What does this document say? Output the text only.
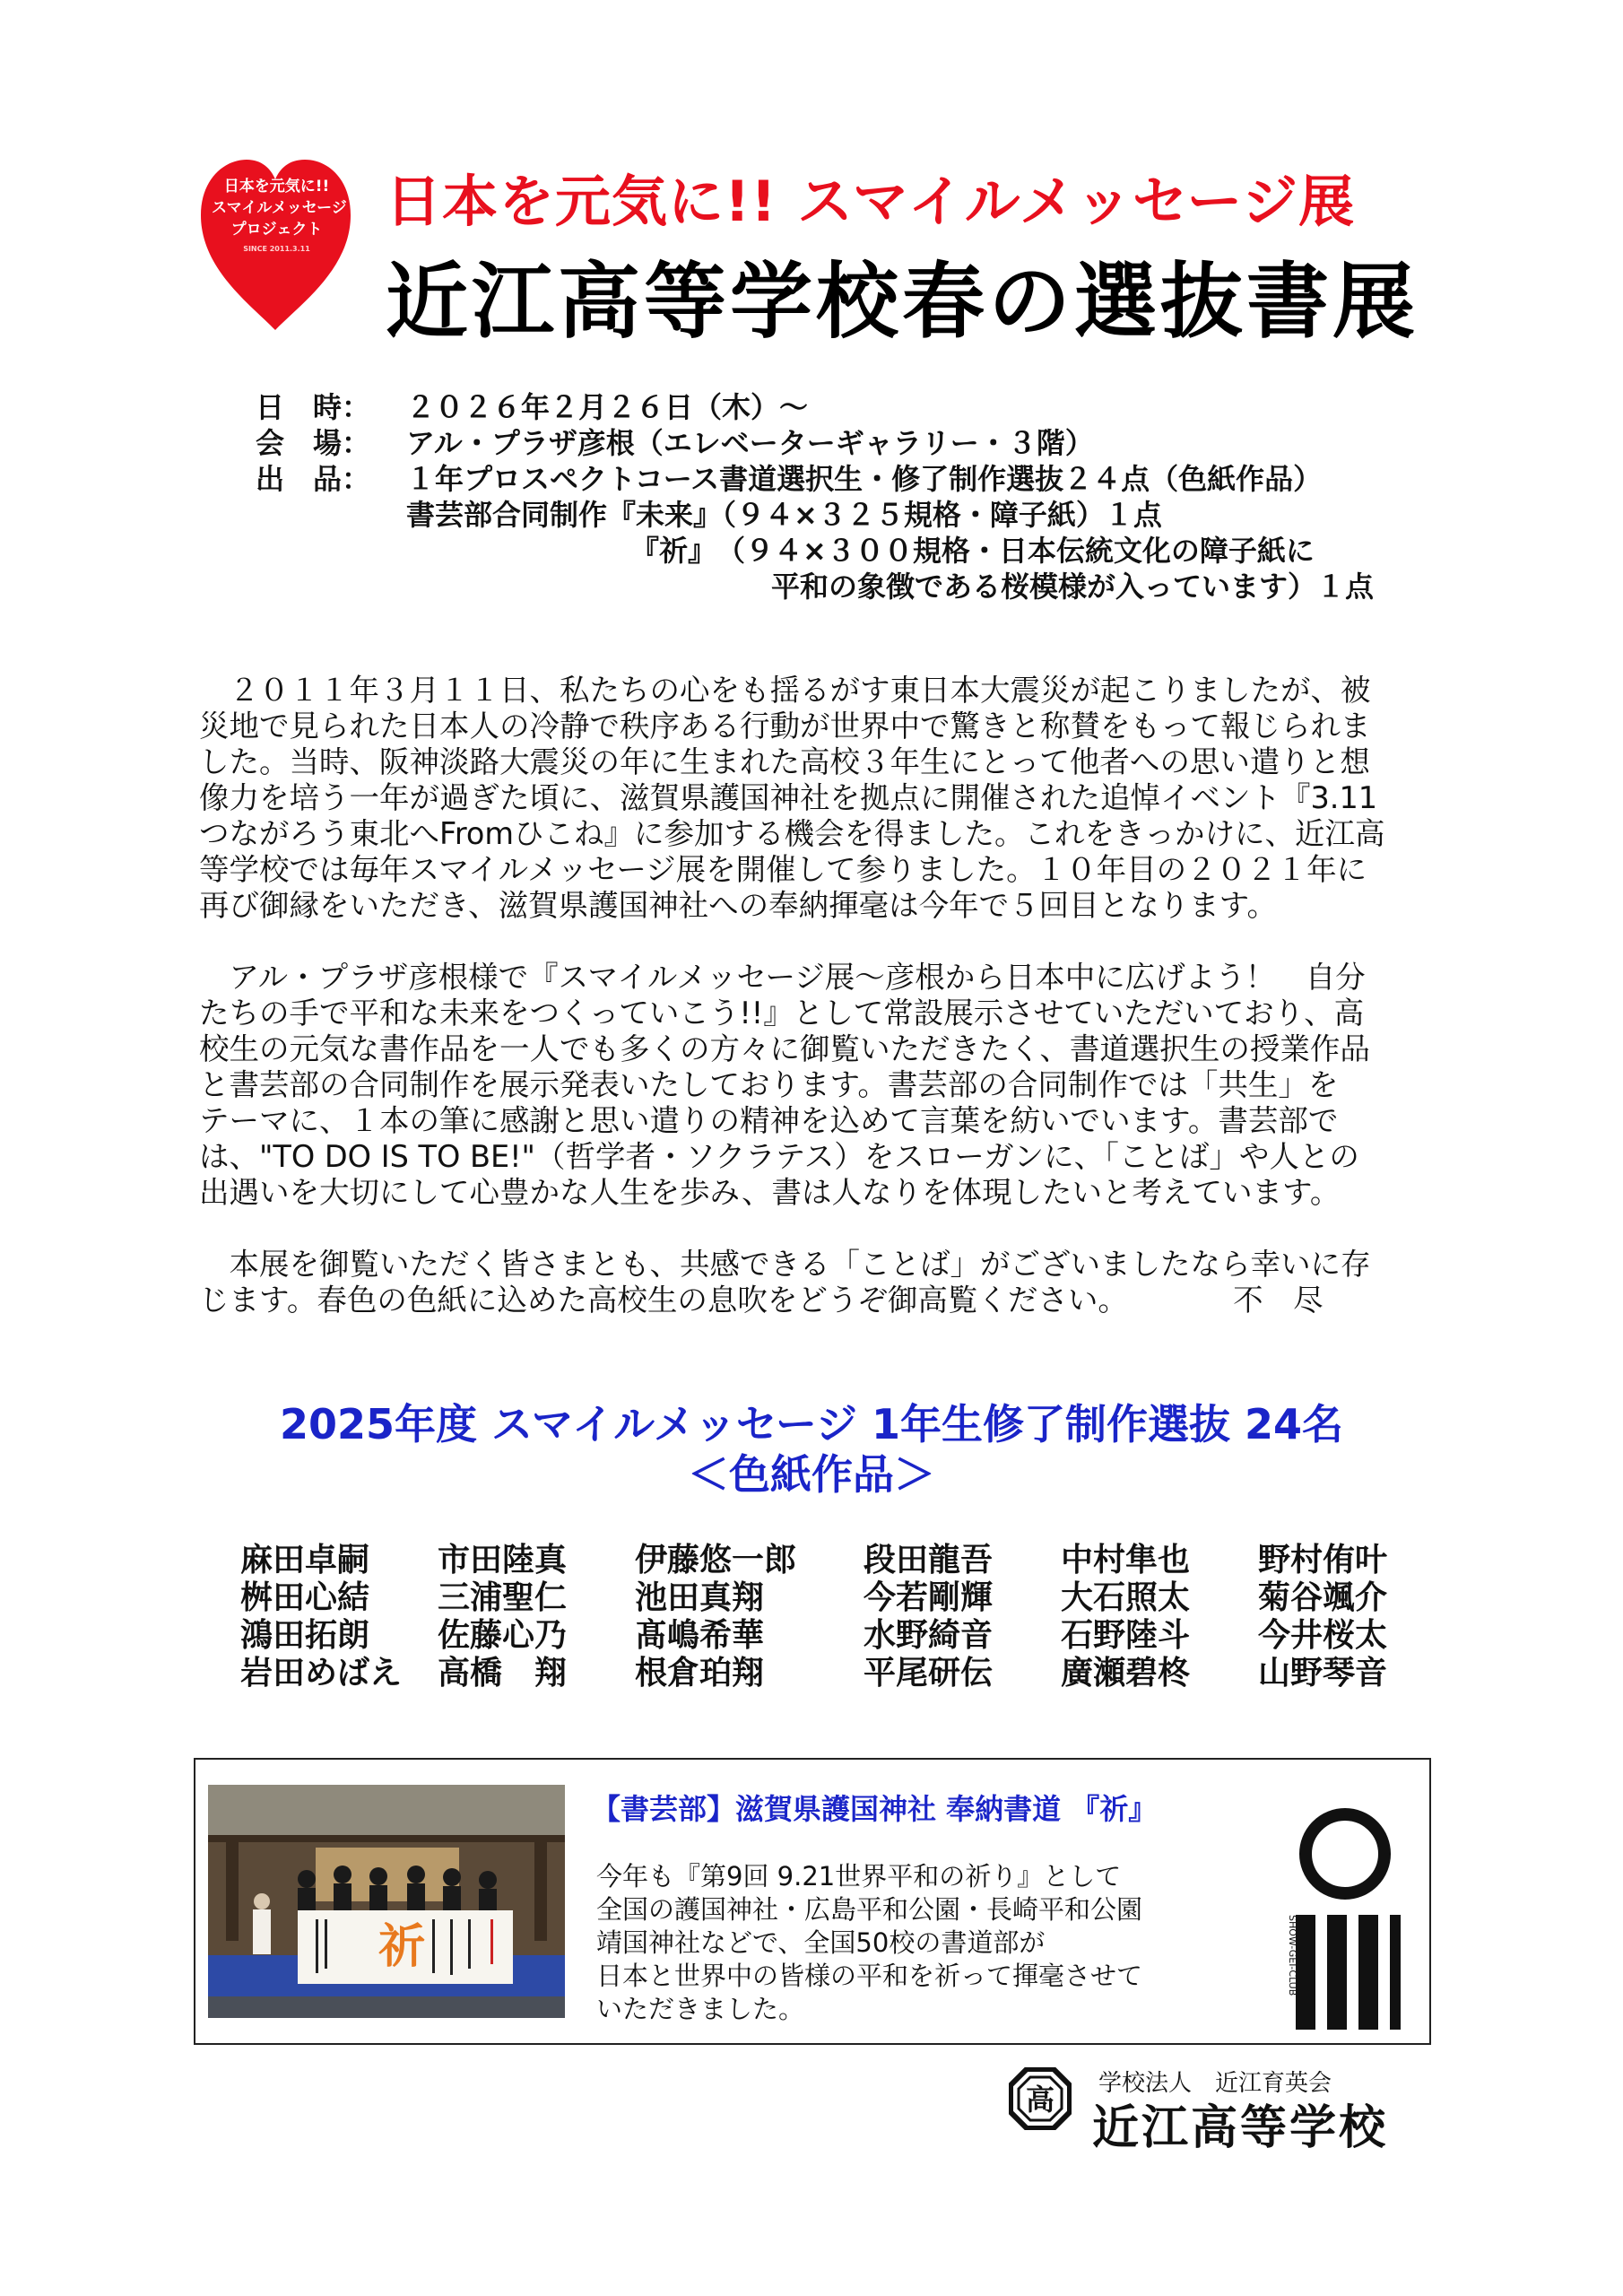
日本を元気に!!
スマイルメッセージ
プロジェクト
SINCE 2011.3.11
日本を元気に!! スマイルメッセージ展
近江高等学校春の選抜書展
日　時：	２０２６年２月２６日（木）～
会　場：	アル・プラザ彦根（エレベーターギャラリー・３階）
出　品：	１年プロスペクトコース書道選択生・修了制作選抜２４点（色紙作品）
書芸部合同制作『未来』（９４×３２５規格・障子紙）１点
『祈』　（９４×３００規格・日本伝統文化の障子紙に
平和の象徴である桜模様が入っています）１点

　２０１１年３月１１日、私たちの心をも揺るがす東日本大震災が起こりましたが、被
災地で見られた日本人の冷静で秩序ある行動が世界中で驚きと称賛をもって報じられま
した。当時、阪神淡路大震災の年に生まれた高校３年生にとって他者への思い遣りと想
像力を培う一年が過ぎた頃に、滋賀県護国神社を拠点に開催された追悼イベント『3.11
つながろう東北へFromひこね』に参加する機会を得ました。これをきっかけに、近江高
等学校では毎年スマイルメッセージ展を開催して参りました。１０年目の２０２１年に
再び御縁をいただき、滋賀県護国神社への奉納揮毫は今年で５回目となります。

　アル・プラザ彦根様で『スマイルメッセージ展～彦根から日本中に広げよう！　自分
たちの手で平和な未来をつくっていこう!!』として常設展示させていただいており、高
校生の元気な書作品を一人でも多くの方々に御覧いただきたく、書道選択生の授業作品
と書芸部の合同制作を展示発表いたしております。書芸部の合同制作では「共生」を
テーマに、１本の筆に感謝と思い遣りの精神を込めて言葉を紡いでいます。書芸部で
は、"TO DO IS TO BE!"（哲学者・ソクラテス）をスローガンに、「ことば」や人との
出遇いを大切にして心豊かな人生を歩み、書は人なりを体現したいと考えています。

　本展を御覧いただく皆さまとも、共感できる「ことば」がございましたなら幸いに存
じます。春色の色紙に込めた高校生の息吹をどうぞ御高覧ください。　　　　不　尽

2025年度 スマイルメッセージ 1年生修了制作選抜 24名
＜色紙作品＞
麻田卓嗣	市田陸真	伊藤悠一郎	段田龍吾	中村隼也	野村侑叶
桝田心結	三浦聖仁	池田真翔	今若剛輝	大石照太	菊谷颯介
鴻田拓朗	佐藤心乃	髙嶋希華	水野綺音	石野陸斗	今井桜太
岩田めばえ	高橋　翔	根倉珀翔	平尾研伝	廣瀬碧柊	山野琴音
祈
【書芸部】滋賀県護国神社 奉納書道 『祈』
今年も『第9回 9.21世界平和の祈り』として
全国の護国神社・広島平和公園・長崎平和公園
靖国神社などで、全国50校の書道部が
日本と世界中の皆様の平和を祈って揮毫させて
いただきました。
SHOW-GEI-CLUB
高 学校法人　近江育英会
近江高等学校
